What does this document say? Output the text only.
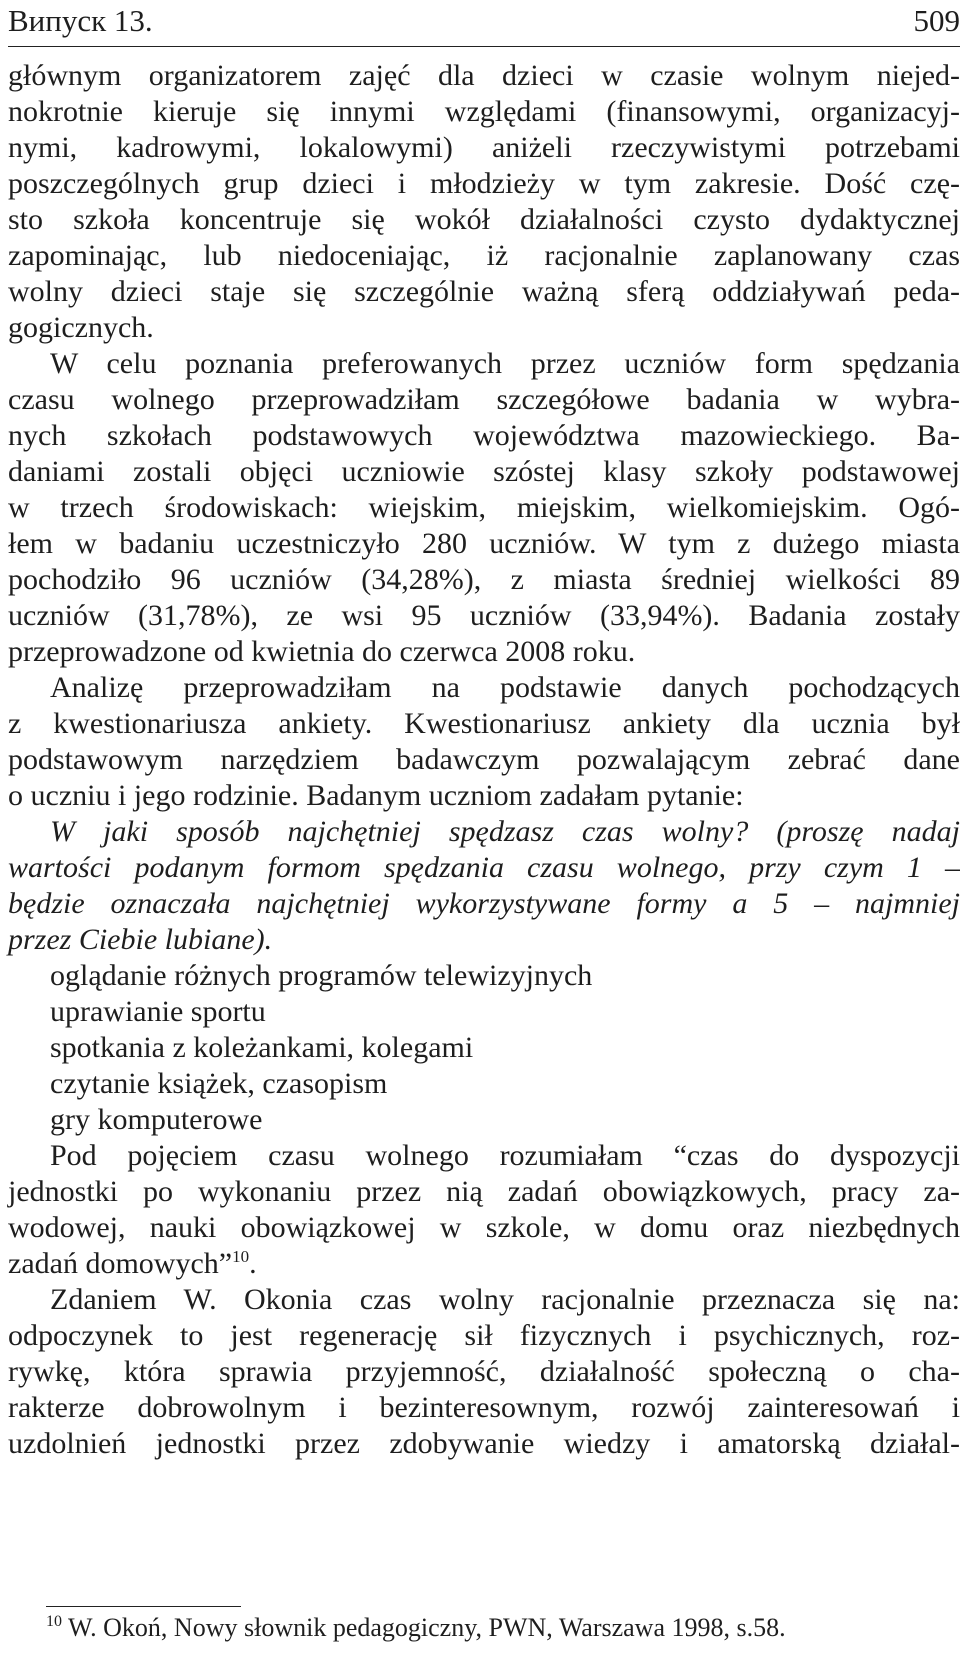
Випуск 13.	509
głównym organizatorem zajęć dla dzieci w czasie wolnym niejed-
nokrotnie kieruje się innymi względami (finansowymi, organizacyj-
nymi, kadrowymi, lokalowymi) aniżeli rzeczywistymi potrzebami
poszczególnych grup dzieci i młodzieży w tym zakresie. Dość czę-
sto szkoła koncentruje się wokół działalności czysto dydaktycznej
zapominając, lub niedoceniając, iż racjonalnie zaplanowany czas
wolny dzieci staje się szczególnie ważną sferą oddziaływań peda-
gogicznych.
W celu poznania preferowanych przez uczniów form spędzania
czasu wolnego przeprowadziłam szczegółowe badania w wybra-
nych szkołach podstawowych województwa mazowieckiego. Ba-
daniami zostali objęci uczniowie szóstej klasy szkoły podstawowej
w trzech środowiskach: wiejskim, miejskim, wielkomiejskim. Ogó-
łem w badaniu uczestniczyło 280 uczniów. W tym z dużego miasta
pochodziło 96 uczniów (34,28%), z miasta średniej wielkości 89
uczniów (31,78%), ze wsi 95 uczniów (33,94%). Badania zostały
przeprowadzone od kwietnia do czerwca 2008 roku.
Analizę przeprowadziłam na podstawie danych pochodzących
z kwestionariusza ankiety. Kwestionariusz ankiety dla ucznia był
podstawowym narzędziem badawczym pozwalającym zebrać dane
o uczniu i jego rodzinie. Badanym uczniom zadałam pytanie:
W jaki sposób najchętniej spędzasz czas wolny? (proszę nadaj
wartości podanym formom spędzania czasu wolnego, przy czym 1 –
będzie oznaczała najchętniej wykorzystywane formy a 5 – najmniej
przez Ciebie lubiane).
oglądanie różnych programów telewizyjnych
uprawianie sportu
spotkania z koleżankami, kolegami
czytanie książek, czasopism
gry komputerowe
Pod pojęciem czasu wolnego rozumiałam “czas do dyspozycji
jednostki po wykonaniu przez nią zadań obowiązkowych, pracy za-
wodowej, nauki obowiązkowej w szkole, w domu oraz niezbędnych
zadań domowych”$^{10}$.
Zdaniem W. Okonia czas wolny racjonalnie przeznacza się na:
odpoczynek to jest regenerację sił fizycznych i psychicznych, roz-
rywkę, która sprawia przyjemność, działalność społeczną o cha-
rakterze dobrowolnym i bezinteresownym, rozwój zainteresowań i
uzdolnień jednostki przez zdobywanie wiedzy i amatorską działal-
$^{10}$ W. Okoń, Nowy słownik pedagogiczny, PWN, Warszawa 1998, s.58.
